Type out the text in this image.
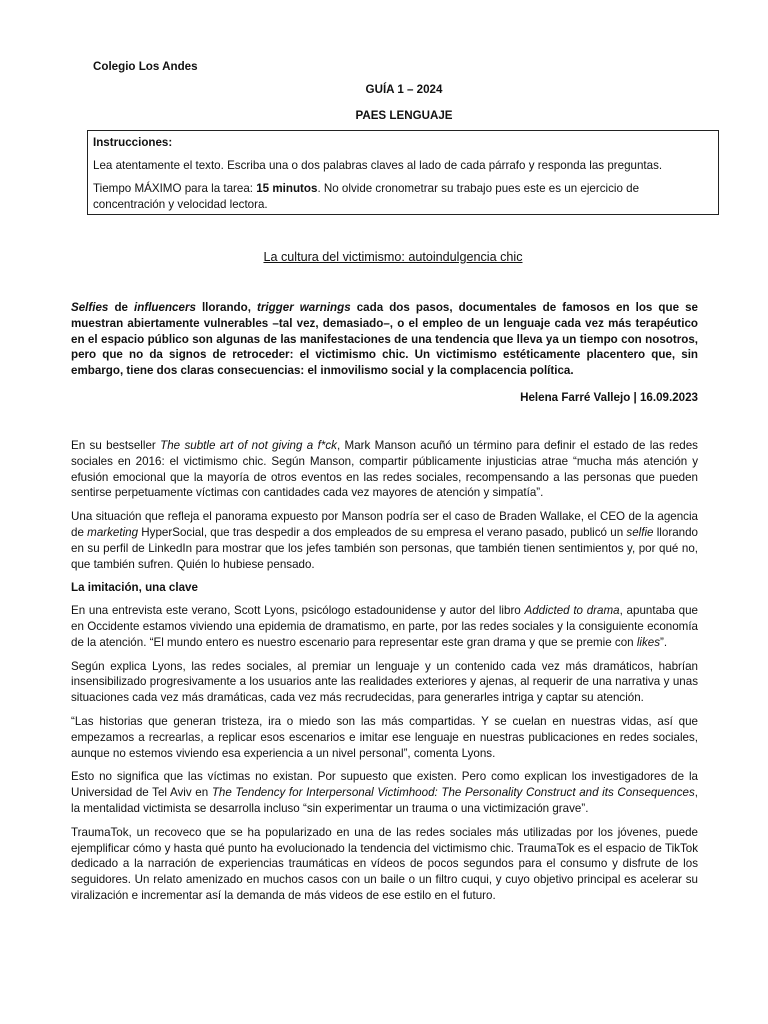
Colegio Los Andes
GUÍA 1 – 2024
PAES LENGUAJE

Instrucciones:

Lea atentamente el texto. Escriba una o dos palabras claves al lado de cada párrafo y responda las preguntas.

Tiempo MÁXIMO para la tarea: 15 minutos. No olvide cronometrar su trabajo pues este es un ejercicio de concentración y velocidad lectora.

La cultura del victimismo: autoindulgencia chic

Selfies de influencers llorando, trigger warnings cada dos pasos, documentales de famosos en los que se muestran abiertamente vulnerables –tal vez, demasiado–, o el empleo de un lenguaje cada vez más terapéutico en el espacio público son algunas de las manifestaciones de una tendencia que lleva ya un tiempo con nosotros, pero que no da signos de retroceder: el victimismo chic. Un victimismo estéticamente placentero que, sin embargo, tiene dos claras consecuencias: el inmovilismo social y la complacencia política.

Helena Farré Vallejo | 16.09.2023

En su bestseller The subtle art of not giving a f*ck, Mark Manson acuñó un término para definir el estado de las redes sociales en 2016: el victimismo chic. Según Manson, compartir públicamente injusticias atrae “mucha más atención y efusión emocional que la mayoría de otros eventos en las redes sociales, recompensando a las personas que pueden sentirse perpetuamente víctimas con cantidades cada vez mayores de atención y simpatía”.

Una situación que refleja el panorama expuesto por Manson podría ser el caso de Braden Wallake, el CEO de la agencia de marketing HyperSocial, que tras despedir a dos empleados de su empresa el verano pasado, publicó un selfie llorando en su perfil de LinkedIn para mostrar que los jefes también son personas, que también tienen sentimientos y, por qué no, que también sufren. Quién lo hubiese pensado.

La imitación, una clave

En una entrevista este verano, Scott Lyons, psicólogo estadounidense y autor del libro Addicted to drama, apuntaba que en Occidente estamos viviendo una epidemia de dramatismo, en parte, por las redes sociales y la consiguiente economía de la atención. “El mundo entero es nuestro escenario para representar este gran drama y que se premie con likes”.

Según explica Lyons, las redes sociales, al premiar un lenguaje y un contenido cada vez más dramáticos, habrían insensibilizado progresivamente a los usuarios ante las realidades exteriores y ajenas, al requerir de una narrativa y unas situaciones cada vez más dramáticas, cada vez más recrudecidas, para generarles intriga y captar su atención.

“Las historias que generan tristeza, ira o miedo son las más compartidas. Y se cuelan en nuestras vidas, así que empezamos a recrearlas, a replicar esos escenarios e imitar ese lenguaje en nuestras publicaciones en redes sociales, aunque no estemos viviendo esa experiencia a un nivel personal”, comenta Lyons.

Esto no significa que las víctimas no existan. Por supuesto que existen. Pero como explican los investigadores de la Universidad de Tel Aviv en The Tendency for Interpersonal Victimhood: The Personality Construct and its Consequences, la mentalidad victimista se desarrolla incluso “sin experimentar un trauma o una victimización grave”.

TraumaTok, un recoveco que se ha popularizado en una de las redes sociales más utilizadas por los jóvenes, puede ejemplificar cómo y hasta qué punto ha evolucionado la tendencia del victimismo chic. TraumaTok es el espacio de TikTok dedicado a la narración de experiencias traumáticas en vídeos de pocos segundos para el consumo y disfrute de los seguidores. Un relato amenizado en muchos casos con un baile o un filtro cuqui, y cuyo objetivo principal es acelerar su viralización e incrementar así la demanda de más videos de ese estilo en el futuro.
